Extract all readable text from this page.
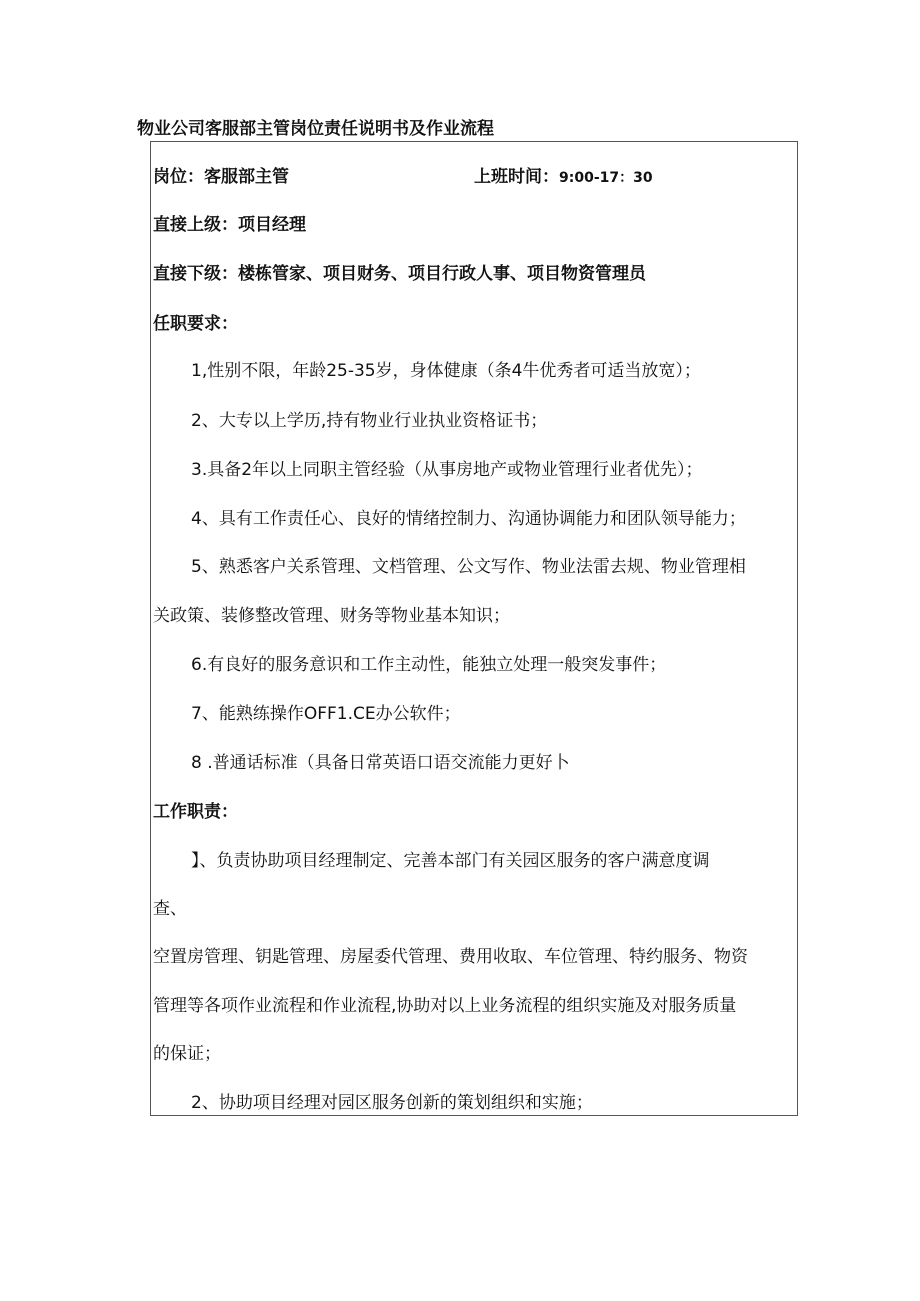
物业公司客服部主管岗位责任说明书及作业流程
岗位：客服部主管	上班时间：9:00-17：30
直接上级：项目经理
直接下级：楼栋管家、项目财务、项目行政人事、项目物资管理员
任职要求：
1,性别不限，年龄25-35岁，身体健康（条4牛优秀者可适当放宽）；
2、大专以上学历,持有物业行业执业资格证书；
3.具备2年以上同职主管经验（从事房地产或物业管理行业者优先）；
4、具有工作责任心、良好的情绪控制力、沟通协调能力和团队领导能力；
5、熟悉客户关系管理、文档管理、公文写作、物业法雷去规、物业管理相
关政策、装修整改管理、财务等物业基本知识；
6.有良好的服务意识和工作主动性，能独立处理一般突发事件；
7、能熟练操作OFF1.CE办公软件；
8 .普通话标准（具备日常英语口语交流能力更好卜
工作职责：
】、负责协助项目经理制定、完善本部门有关园区服务的客户满意度调
查、
空置房管理、钥匙管理、房屋委代管理、费用收取、车位管理、特约服务、物资
管理等各项作业流程和作业流程,协助对以上业务流程的组织实施及对服务质量
的保证；
2、协助项目经理对园区服务创新的策划组织和实施；
